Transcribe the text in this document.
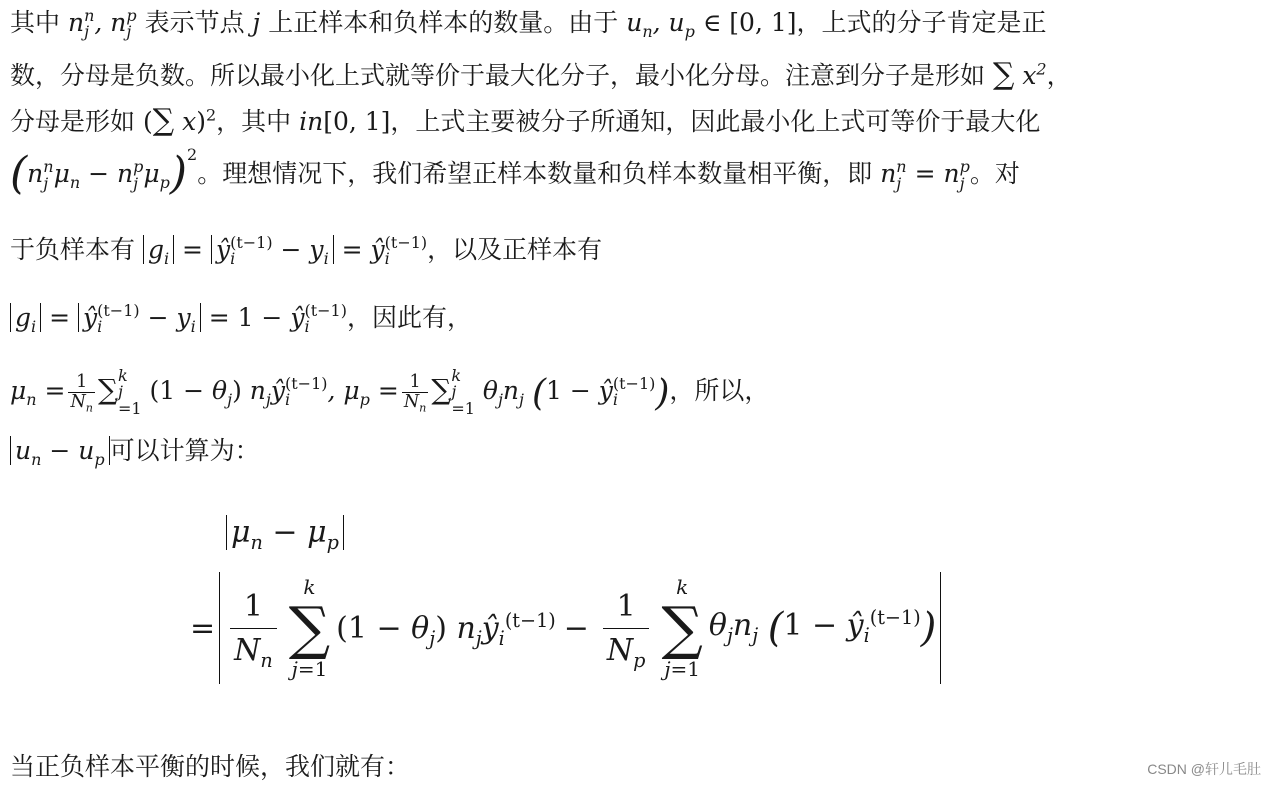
其中 n n
j , n p
j 表示节点 j 上正样本和负样本的数量。由于 $u_n$, $u_p$ ∈ [0, 1]，上式的分子肯定是正
数，分母是负数。所以最小化上式就等价于最大化分子，最小化分母。注意到分子是形如 ∑ $x^2$，
分母是形如 (∑ x)$^2$，其中 in[0, 1]，上式主要被分子所通知，因此最小化上式可等价于最大化
(n n
j $\mu_n - n$ p
j $\mu_p)^2$。理想情况下，我们希望正样本数量和负样本数量相平衡，即 n n
j = n p
j 。对
于负样本有 $g_i$ = ŷ (t−1)
i	− $y_i$ = ŷ (t−1)
i	，以及正样本有
$g_i$ = ŷ (t−1)
i	− $y_i = 1$ − ŷ (t−1)
i	，因此有，
$\mu_n = \frac{1}{N_n}$ ∑ k
j
=1
$(1 - \theta_j)$ $n_jŷ$ (t−1)
i	, $\mu_p = \frac{1}{N_n}$ ∑ k
j
=1
$\theta_jn_j$ (1 − ŷ (t−1)
i	)，所以，
$u_n - u_p$ 可以计算为：
$\mu_n - \mu_p$
= $\frac{1}{N_n}$
k
∑
j=1
$(1 - \theta_j)$ $n_jŷ_i^{(t-1)} - \frac{1}{N_p}$
k
∑
j=1
$\theta_jn_j$ $(1 - ŷ_i^{(t-1)})$
当正负样本平衡的时候，我们就有：	CSDN @轩儿毛肚
